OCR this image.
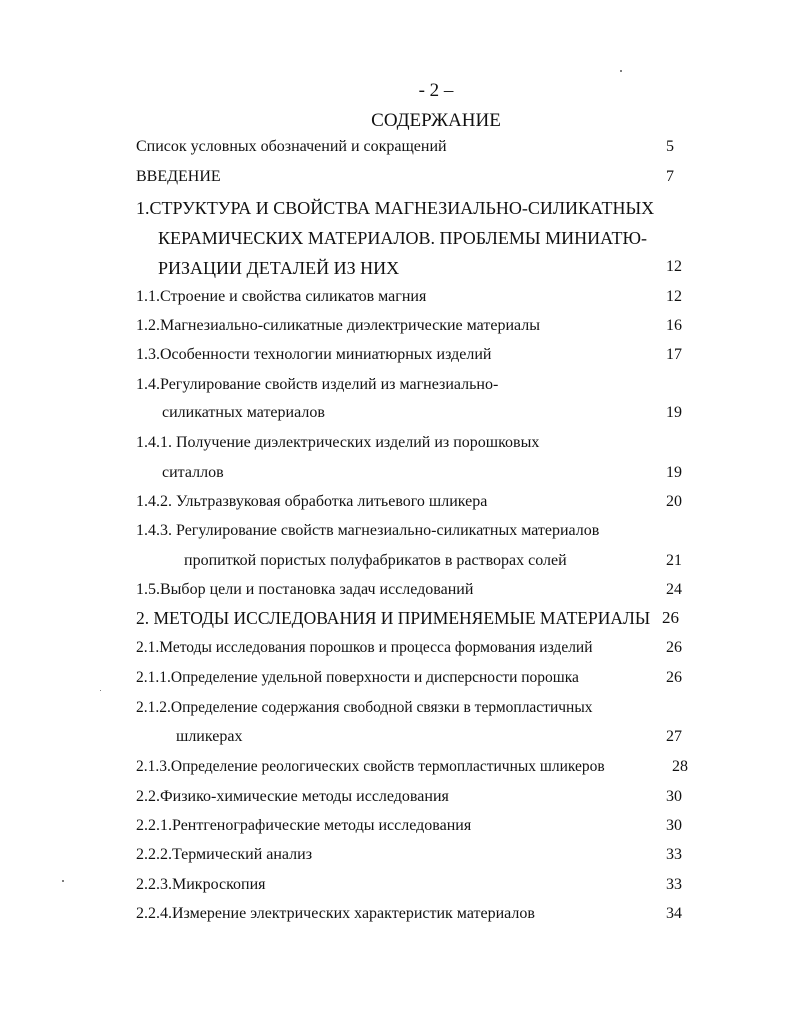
- 2 –
СОДЕРЖАНИЕ
Список условных обозначений и сокращений	5
ВВЕДЕНИЕ	7
1.СТРУКТУРА И СВОЙСТВА МАГНЕЗИАЛЬНО-СИЛИКАТНЫХ
КЕРАМИЧЕСКИХ МАТЕРИАЛОВ. ПРОБЛЕМЫ МИНИАТЮ-
РИЗАЦИИ ДЕТАЛЕЙ ИЗ НИХ	12
1.1.Строение и свойства силикатов магния	12
1.2.Магнезиально-силикатные диэлектрические материалы	16
1.3.Особенности технологии миниатюрных изделий	17
1.4.Регулирование свойств изделий из магнезиально-
силикатных материалов	19
1.4.1. Получение диэлектрических изделий из порошковых
ситаллов	19
1.4.2. Ультразвуковая обработка литьевого шликера	20
1.4.3. Регулирование свойств магнезиально-силикатных материалов
пропиткой пористых полуфабрикатов в растворах солей	21
1.5.Выбор цели и постановка задач исследований	24
2. МЕТОДЫ ИССЛЕДОВАНИЯ И ПРИМЕНЯЕМЫЕ МАТЕРИАЛЫ 26
2.1.Методы исследования порошков и процесса формования изделий	26
2.1.1.Определение удельной поверхности и дисперсности порошка	26
2.1.2.Определение содержания свободной связки в термопластичных
шликерах	27
2.1.3.Определение реологических свойств термопластичных шликеров	28
2.2.Физико-химические методы исследования	30
2.2.1.Рентгенографические методы исследования	30
2.2.2.Термический анализ	33
2.2.3.Микроскопия	33
2.2.4.Измерение электрических характеристик материалов	34
